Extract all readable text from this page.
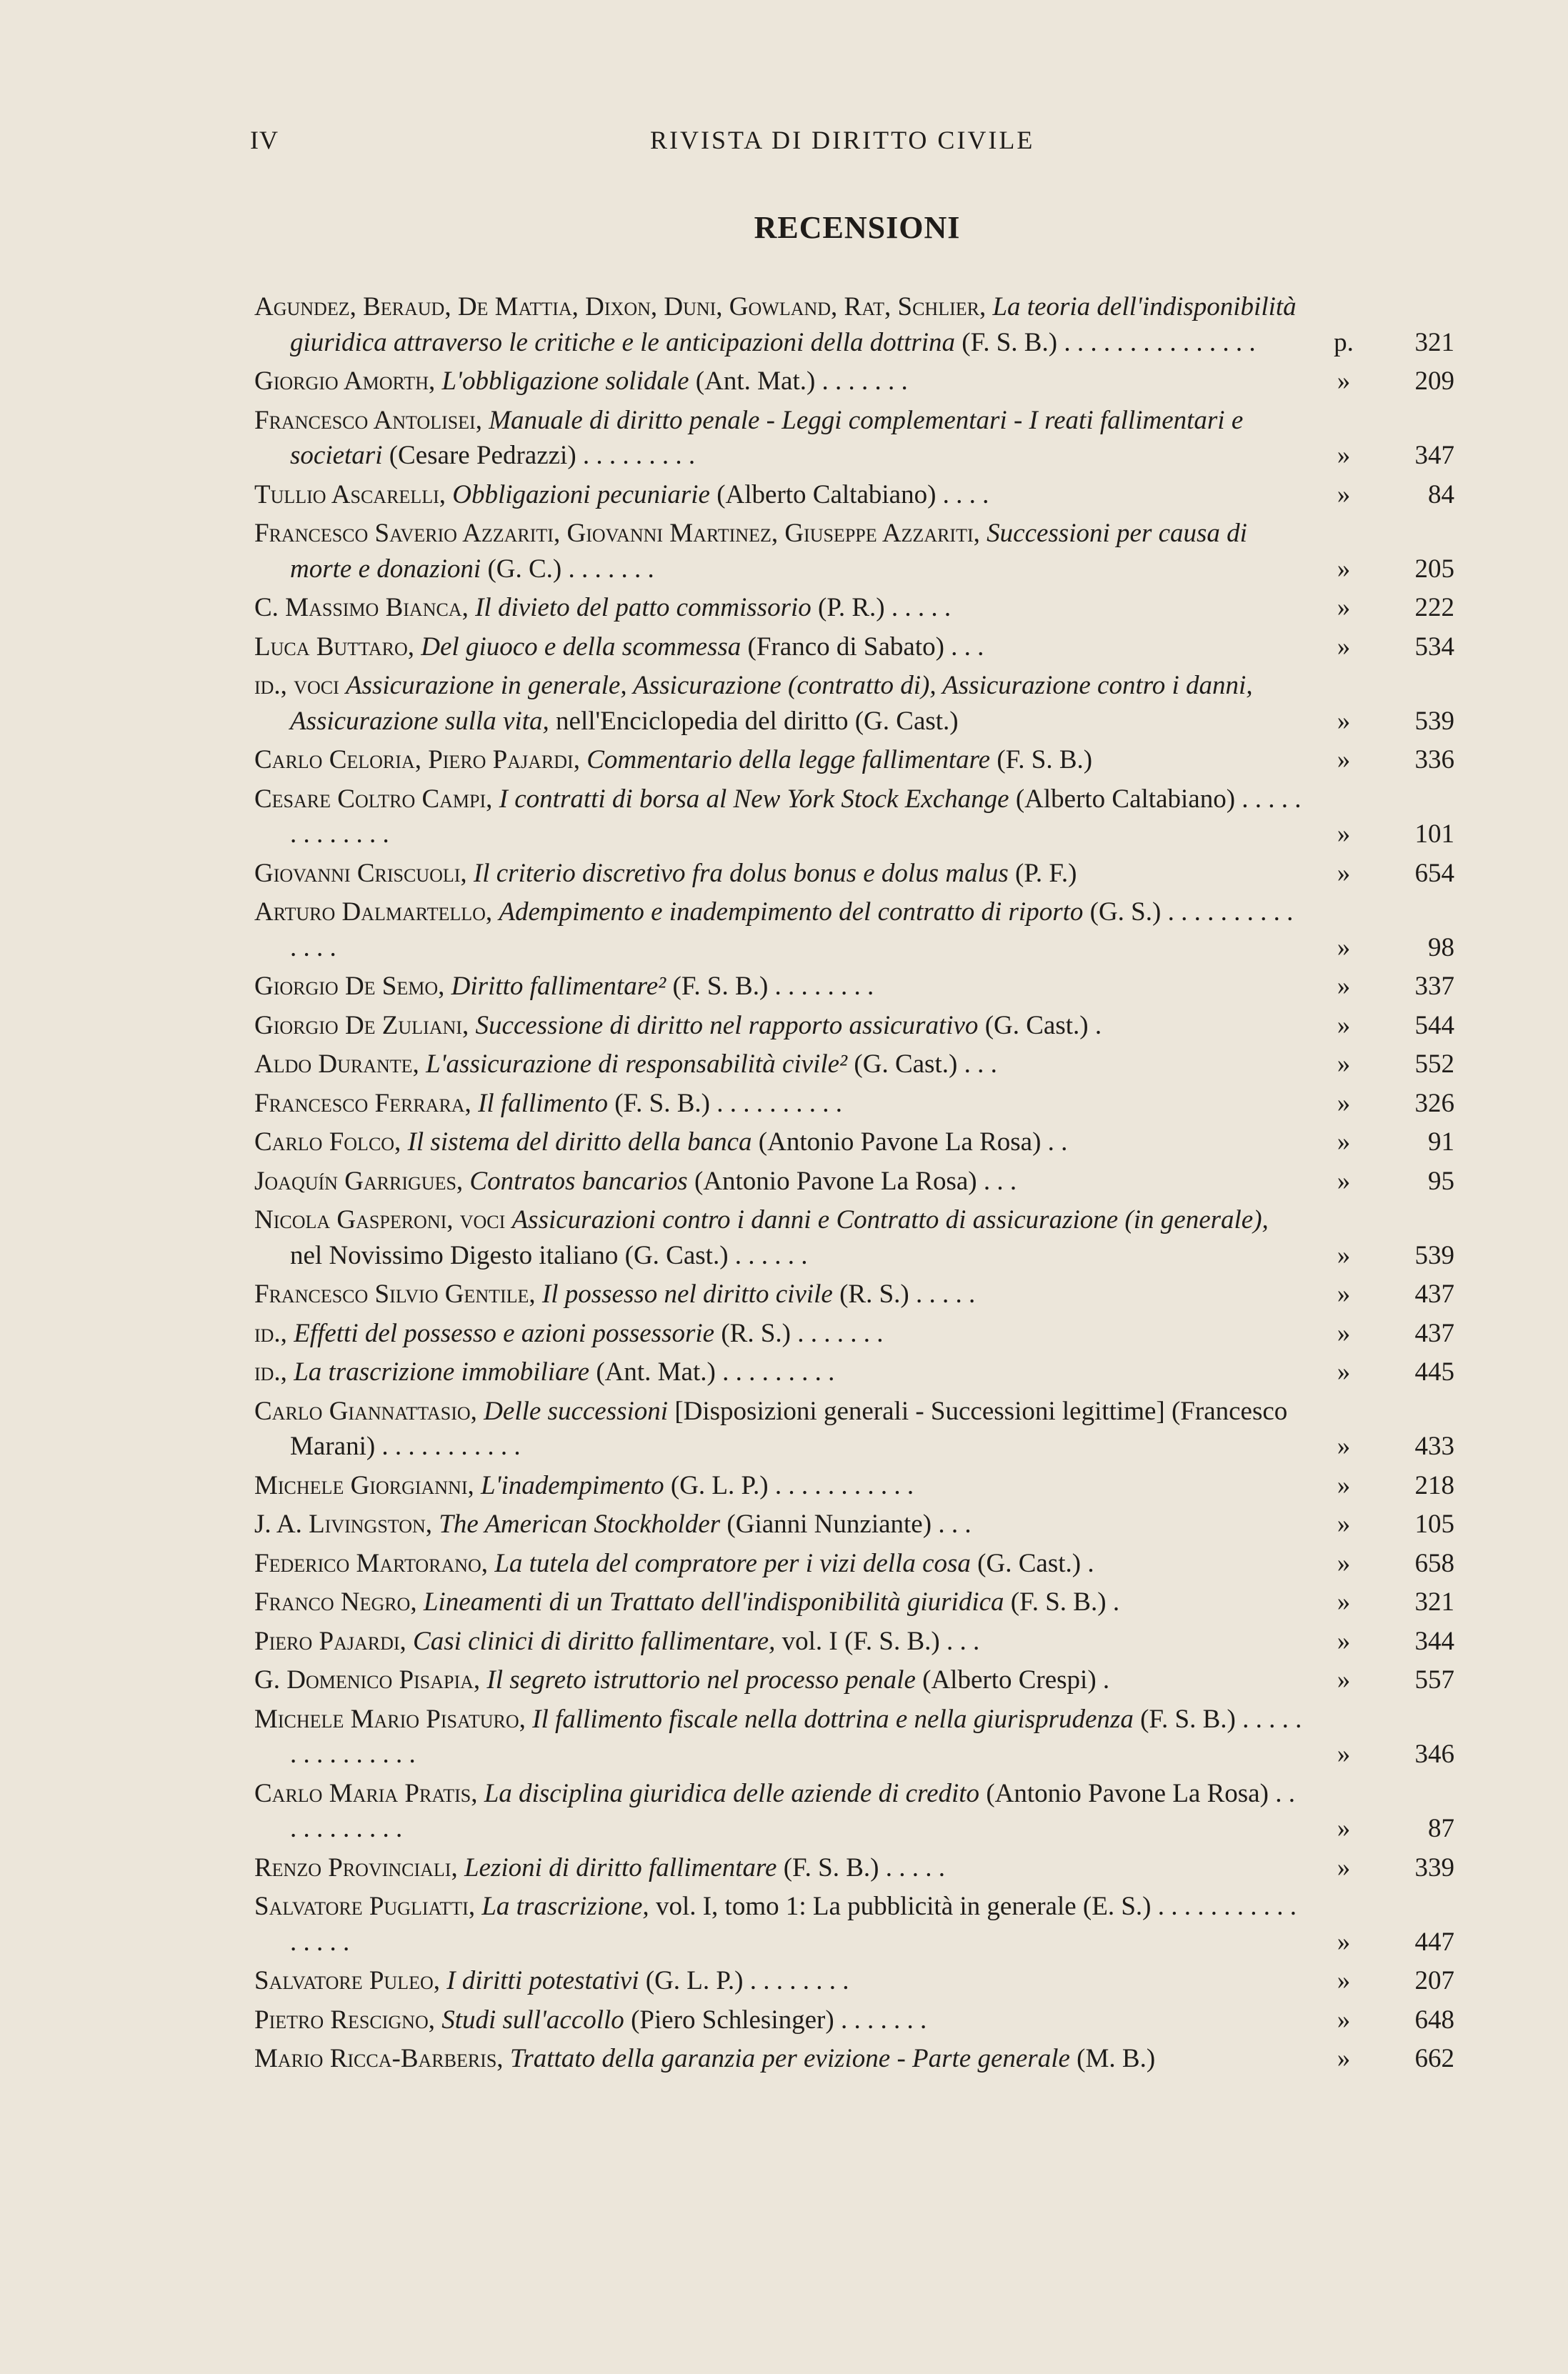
IV	RIVISTA DI DIRITTO CIVILE
RECENSIONI
Agundez, Beraud, De Mattia, Dixon, Duni, Gowland, Rat, Schlier, La teoria dell'indisponibilità giuridica attraverso le critiche e le anticipazioni della dottrina (F. S. B.) . . . . . . . . . . . . . . .	p.	321
Giorgio Amorth, L'obbligazione solidale (Ant. Mat.) . . . . . . .	»	209
Francesco Antolisei, Manuale di diritto penale - Leggi complementari - I reati fallimentari e societari (Cesare Pedrazzi) . . . . . . . . .	»	347
Tullio Ascarelli, Obbligazioni pecuniarie (Alberto Caltabiano) . . . .	»	84
Francesco Saverio Azzariti, Giovanni Martinez, Giuseppe Azzariti, Successioni per causa di morte e donazioni (G. C.) . . . . . . .	»	205
C. Massimo Bianca, Il divieto del patto commissorio (P. R.) . . . . .	»	222
Luca Buttaro, Del giuoco e della scommessa (Franco di Sabato) . . .	»	534
id., voci Assicurazione in generale, Assicurazione (contratto di), Assicurazione contro i danni, Assicurazione sulla vita, nell'Enciclopedia del diritto (G. Cast.)	»	539
Carlo Celoria, Piero Pajardi, Commentario della legge fallimentare (F. S. B.)	»	336
Cesare Coltro Campi, I contratti di borsa al New York Stock Exchange (Alberto Caltabiano) . . . . . . . . . . . . .	»	101
Giovanni Criscuoli, Il criterio discretivo fra dolus bonus e dolus malus (P. F.)	»	654
Arturo Dalmartello, Adempimento e inadempimento del contratto di riporto (G. S.) . . . . . . . . . . . . . .	»	98
Giorgio De Semo, Diritto fallimentare² (F. S. B.) . . . . . . . .	»	337
Giorgio De Zuliani, Successione di diritto nel rapporto assicurativo (G. Cast.) .	»	544
Aldo Durante, L'assicurazione di responsabilità civile² (G. Cast.) . . .	»	552
Francesco Ferrara, Il fallimento (F. S. B.) . . . . . . . . . .	»	326
Carlo Folco, Il sistema del diritto della banca (Antonio Pavone La Rosa) . .	»	91
Joaquín Garrigues, Contratos bancarios (Antonio Pavone La Rosa) . . .	»	95
Nicola Gasperoni, voci Assicurazioni contro i danni e Contratto di assicurazione (in generale), nel Novissimo Digesto italiano (G. Cast.) . . . . . .	»	539
Francesco Silvio Gentile, Il possesso nel diritto civile (R. S.) . . . . .	»	437
id., Effetti del possesso e azioni possessorie (R. S.) . . . . . . .	»	437
id., La trascrizione immobiliare (Ant. Mat.) . . . . . . . . .	»	445
Carlo Giannattasio, Delle successioni [Disposizioni generali - Successioni legittime] (Francesco Marani) . . . . . . . . . . .	»	433
Michele Giorgianni, L'inadempimento (G. L. P.) . . . . . . . . . . .	»	218
J. A. Livingston, The American Stockholder (Gianni Nunziante) . . .	»	105
Federico Martorano, La tutela del compratore per i vizi della cosa (G. Cast.) .	»	658
Franco Negro, Lineamenti di un Trattato dell'indisponibilità giuridica (F. S. B.) .	»	321
Piero Pajardi, Casi clinici di diritto fallimentare, vol. I (F. S. B.) . . .	»	344
G. Domenico Pisapia, Il segreto istruttorio nel processo penale (Alberto Crespi) .	»	557
Michele Mario Pisaturo, Il fallimento fiscale nella dottrina e nella giurisprudenza (F. S. B.) . . . . . . . . . . . . . . .	»	346
Carlo Maria Pratis, La disciplina giuridica delle aziende di credito (Antonio Pavone La Rosa) . . . . . . . . . . .	»	87
Renzo Provinciali, Lezioni di diritto fallimentare (F. S. B.) . . . . .	»	339
Salvatore Pugliatti, La trascrizione, vol. I, tomo 1: La pubblicità in generale (E. S.) . . . . . . . . . . . . . . . .	»	447
Salvatore Puleo, I diritti potestativi (G. L. P.) . . . . . . . .	»	207
Pietro Rescigno, Studi sull'accollo (Piero Schlesinger) . . . . . . .	»	648
Mario Ricca-Barberis, Trattato della garanzia per evizione - Parte generale (M. B.)	»	662
